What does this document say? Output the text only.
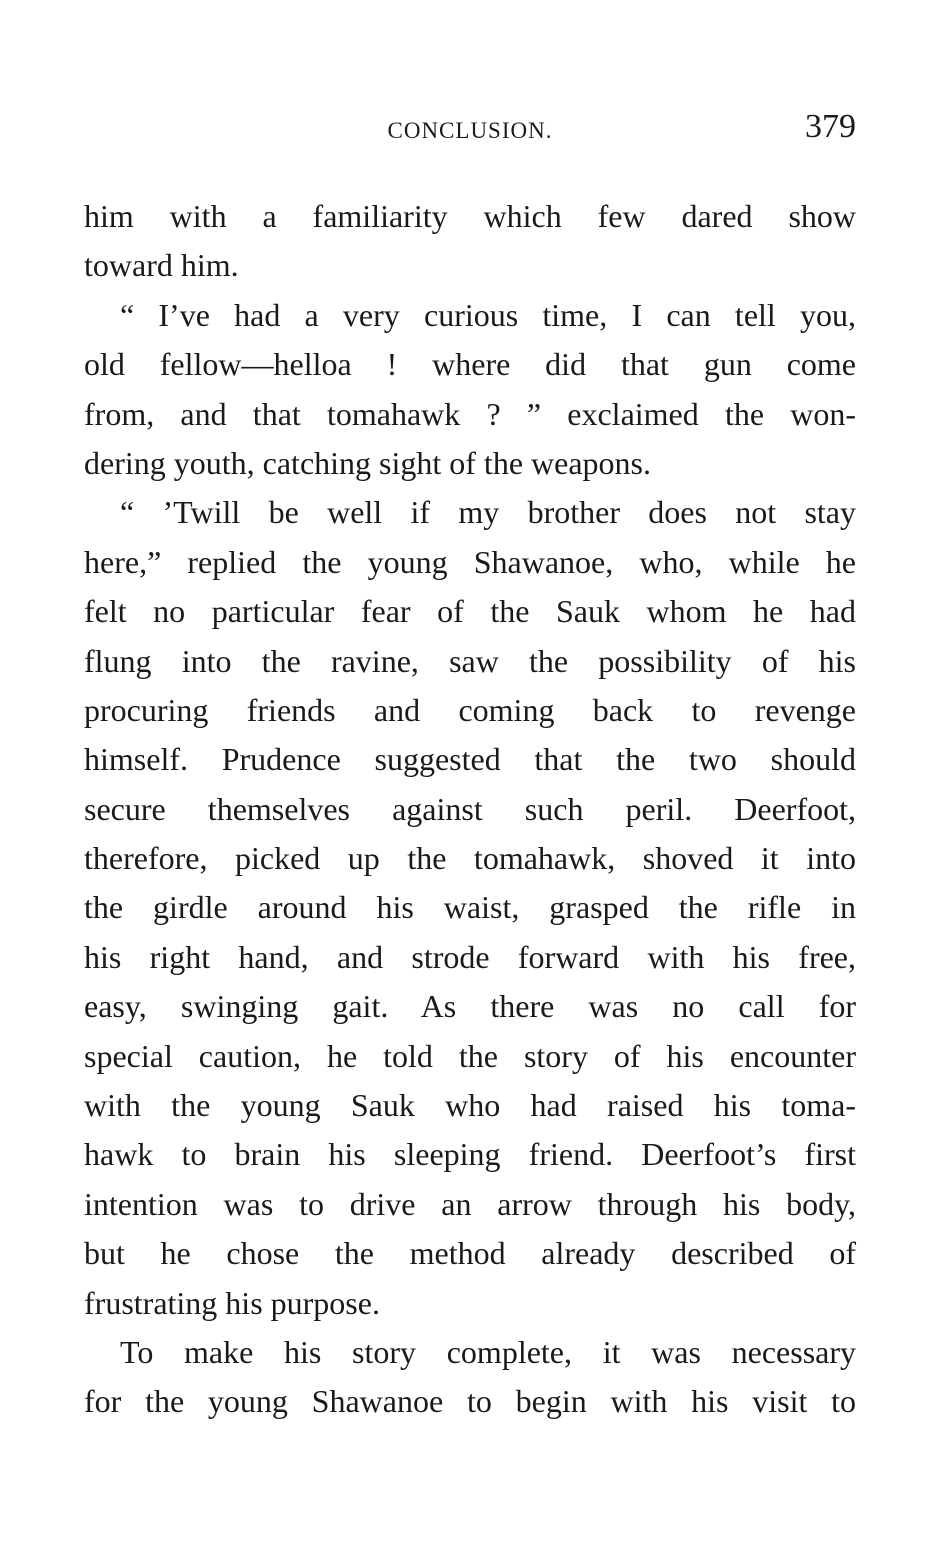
CONCLUSION.	379
him with a familiarity which few dared show
toward him.
“ I’ve had a very curious time, I can tell you,
old fellow—helloa ! where did that gun come
from, and that tomahawk ? ” exclaimed the won-
dering youth, catching sight of the weapons.
“ ’Twill be well if my brother does not stay
here,” replied the young Shawanoe, who, while he
felt no particular fear of the Sauk whom he had
flung into the ravine, saw the possibility of his
procuring friends and coming back to revenge
himself. Prudence suggested that the two should
secure themselves against such peril. Deerfoot,
therefore, picked up the tomahawk, shoved it into
the girdle around his waist, grasped the rifle in
his right hand, and strode forward with his free,
easy, swinging gait. As there was no call for
special caution, he told the story of his encounter
with the young Sauk who had raised his toma-
hawk to brain his sleeping friend. Deerfoot’s first
intention was to drive an arrow through his body,
but he chose the method already described of
frustrating his purpose.
To make his story complete, it was necessary
for the young Shawanoe to begin with his visit to
